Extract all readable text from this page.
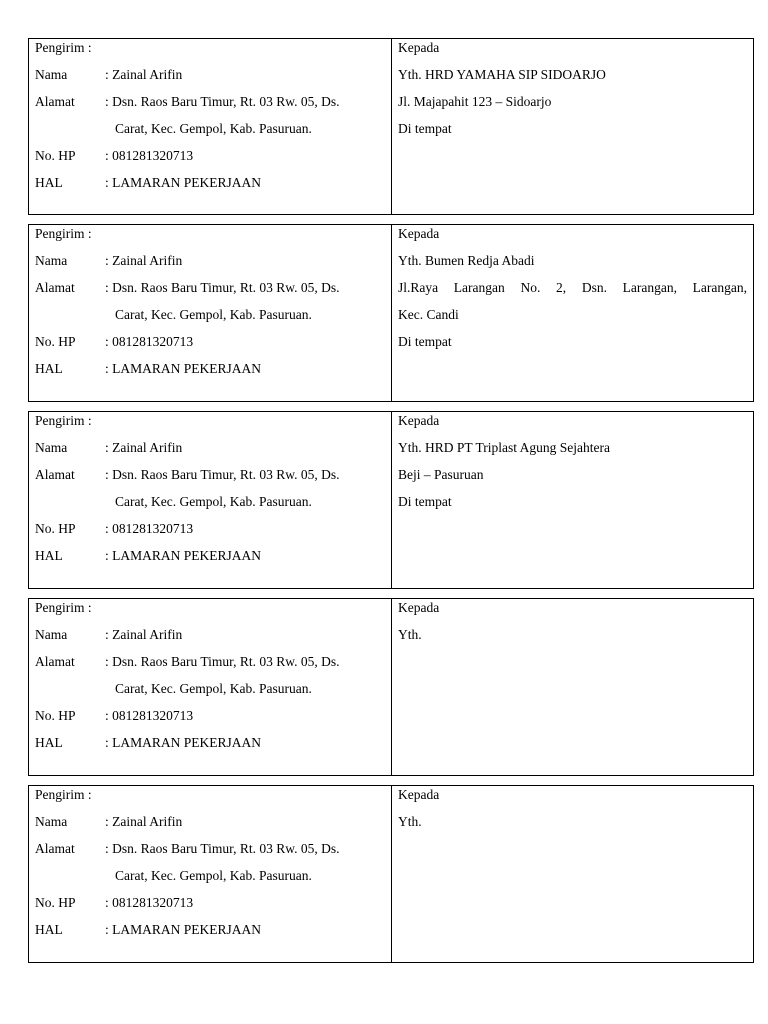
Pengirim :
Nama	: Zainal Arifin
Alamat : Dsn. Raos Baru Timur, Rt. 03 Rw. 05, Ds.
Carat, Kec. Gempol, Kab. Pasuruan.
No. HP : 081281320713
HAL	: LAMARAN PEKERJAAN
Kepada
Yth. HRD YAMAHA SIP SIDOARJO
Jl. Majapahit 123 – Sidoarjo
Di tempat
Pengirim :
Nama	: Zainal Arifin
Alamat : Dsn. Raos Baru Timur, Rt. 03 Rw. 05, Ds.
Carat, Kec. Gempol, Kab. Pasuruan.
No. HP : 081281320713
HAL	: LAMARAN PEKERJAAN
Kepada
Yth. Bumen Redja Abadi
Jl.Raya Larangan No. 2, Dsn. Larangan, Larangan,
Kec. Candi
Di tempat
Pengirim :
Nama	: Zainal Arifin
Alamat : Dsn. Raos Baru Timur, Rt. 03 Rw. 05, Ds.
Carat, Kec. Gempol, Kab. Pasuruan.
No. HP : 081281320713
HAL	: LAMARAN PEKERJAAN
Kepada
Yth. HRD PT Triplast Agung Sejahtera
Beji – Pasuruan
Di tempat
Pengirim :
Nama	: Zainal Arifin
Alamat : Dsn. Raos Baru Timur, Rt. 03 Rw. 05, Ds.
Carat, Kec. Gempol, Kab. Pasuruan.
No. HP : 081281320713
HAL	: LAMARAN PEKERJAAN
Kepada
Yth.
Pengirim :
Nama	: Zainal Arifin
Alamat : Dsn. Raos Baru Timur, Rt. 03 Rw. 05, Ds.
Carat, Kec. Gempol, Kab. Pasuruan.
No. HP : 081281320713
HAL	: LAMARAN PEKERJAAN
Kepada
Yth.
